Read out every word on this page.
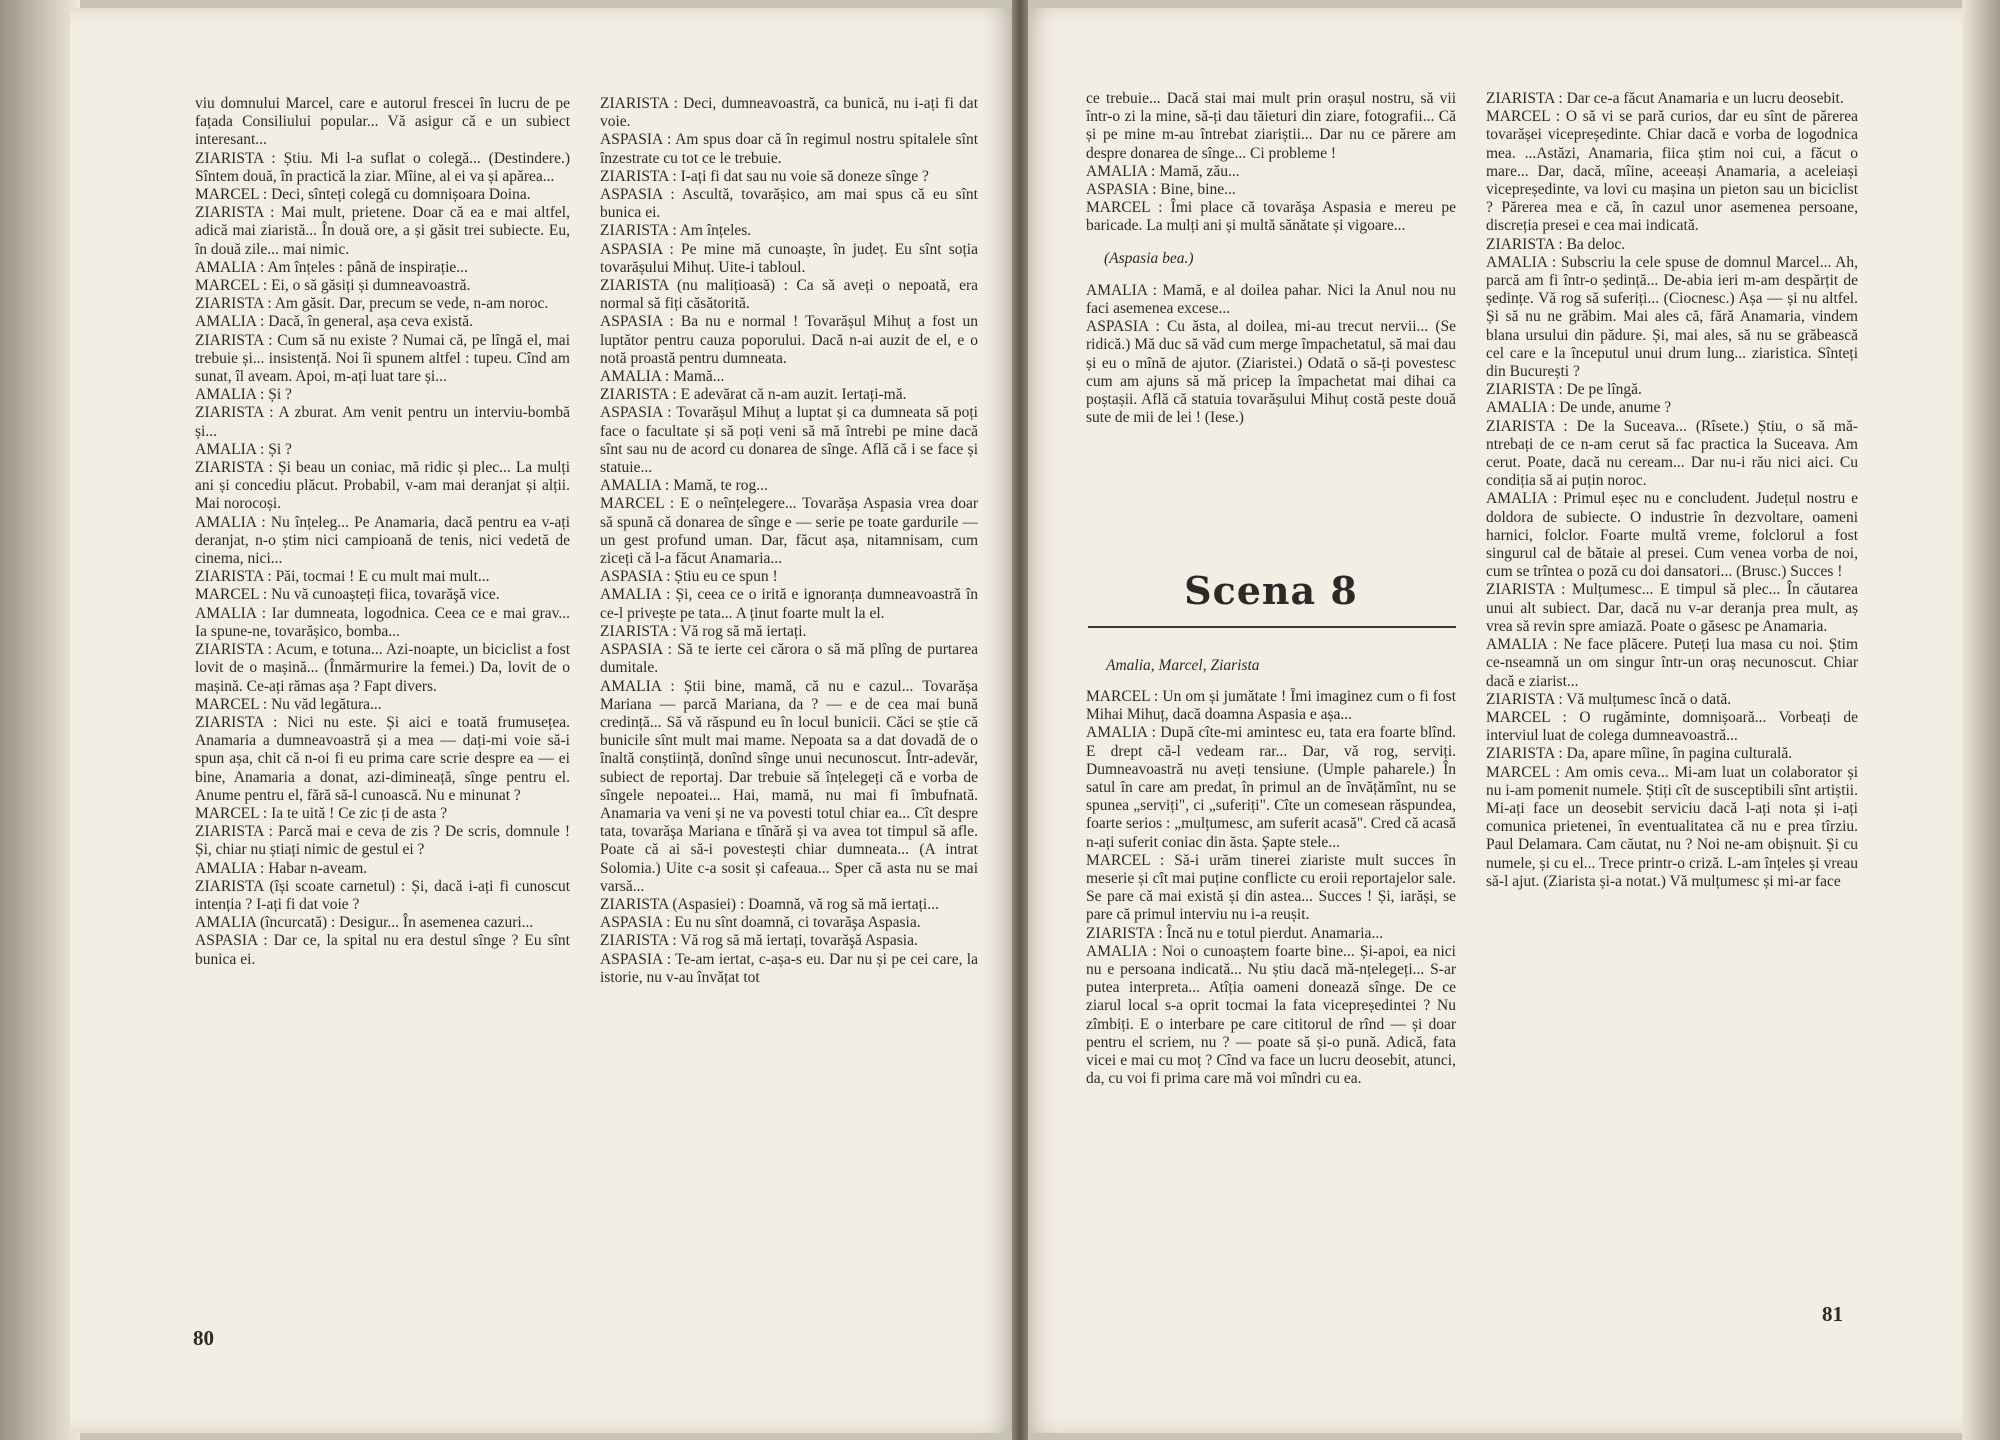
viu domnului Marcel, care e autorul frescei în lucru de pe fațada Consiliului popular... Vă asigur că e un subiect interesant...

ZIARISTA : Știu. Mi l-a suflat o colegă... (Destindere.) Sîntem două, în practică la ziar. Mîine, al ei va și apărea...

MARCEL : Deci, sînteți colegă cu domnișoara Doina.

ZIARISTA : Mai mult, prietene. Doar că ea e mai altfel, adică mai ziaristă... În două ore, a și găsit trei subiecte. Eu, în două zile... mai nimic.

AMALIA : Am înțeles : până de inspirație...

MARCEL : Ei, o să găsiți și dumneavoastră.

ZIARISTA : Am găsit. Dar, precum se vede, n-am noroc.

AMALIA : Dacă, în general, așa ceva există.

ZIARISTA : Cum să nu existe ? Numai că, pe lîngă el, mai trebuie și... insistență. Noi îi spunem altfel : tupeu. Cînd am sunat, îl aveam. Apoi, m-ați luat tare și...

AMALIA : Și ?

ZIARISTA : A zburat. Am venit pentru un interviu-bombă și...

AMALIA : Și ?

ZIARISTA : Și beau un coniac, mă ridic și plec... La mulți ani și concediu plăcut. Probabil, v-am mai deranjat și alții. Mai norocoși.

AMALIA : Nu înțeleg... Pe Anamaria, dacă pentru ea v-ați deranjat, n-o știm nici campioană de tenis, nici vedetă de cinema, nici...

ZIARISTA : Păi, tocmai ! E cu mult mai mult...

MARCEL : Nu vă cunoașteți fiica, tovarăşă vice.

AMALIA : Iar dumneata, logodnica. Ceea ce e mai grav... Ia spune-ne, tovarășico, bomba...

ZIARISTA : Acum, e totuna... Azi-noapte, un biciclist a fost lovit de o mașină... (Înmărmurire la femei.) Da, lovit de o mașină. Ce-ați rămas așa ? Fapt divers.

MARCEL : Nu văd legătura...

ZIARISTA : Nici nu este. Și aici e toată frumusețea. Anamaria a dumneavoastră și a mea — dați-mi voie să-i spun așa, chit că n-oi fi eu prima care scrie despre ea — ei bine, Anamaria a donat, azi-dimineață, sînge pentru el. Anume pentru el, fără să-l cunoască. Nu e minunat ?

MARCEL : Ia te uită ! Ce zic ți de asta ?

ZIARISTA : Parcă mai e ceva de zis ? De scris, domnule ! Și, chiar nu știați nimic de gestul ei ?

AMALIA : Habar n-aveam.

ZIARISTA (își scoate carnetul) : Și, dacă i-ați fi cunoscut intenția ? I-ați fi dat voie ?

AMALIA (încurcată) : Desigur... În asemenea cazuri...

ASPASIA : Dar ce, la spital nu era destul sînge ? Eu sînt bunica ei.

ZIARISTA : Deci, dumneavoastră, ca bunică, nu i-ați fi dat voie.

ASPASIA : Am spus doar că în regimul nostru spitalele sînt înzestrate cu tot ce le trebuie.

ZIARISTA : I-ați fi dat sau nu voie să doneze sînge ?

ASPASIA : Ascultă, tovarășico, am mai spus că eu sînt bunica ei.

ZIARISTA : Am înțeles.

ASPASIA : Pe mine mă cunoaște, în județ. Eu sînt soția tovarășului Mihuț. Uite-i tabloul.

ZIARISTA (nu malițioasă) : Ca să aveți o nepoată, era normal să fiți căsătorită.

ASPASIA : Ba nu e normal ! Tovarășul Mihuț a fost un luptător pentru cauza poporului. Dacă n-ai auzit de el, e o notă proastă pentru dumneata.

AMALIA : Mamă...

ZIARISTA : E adevărat că n-am auzit. Iertați-mă.

ASPASIA : Tovarășul Mihuț a luptat și ca dumneata să poți face o facultate și să poți veni să mă întrebi pe mine dacă sînt sau nu de acord cu donarea de sînge. Află că i se face și statuie...

AMALIA : Mamă, te rog...

MARCEL : E o neînțelegere... Tovarășa Aspasia vrea doar să spună că donarea de sînge e — serie pe toate gardurile — un gest profund uman. Dar, făcut așa, nitamnisam, cum ziceți că l-a făcut Anamaria...

ASPASIA : Știu eu ce spun !

AMALIA : Și, ceea ce o irită e ignoranța dumneavoastră în ce-l privește pe tata... A ținut foarte mult la el.

ZIARISTA : Vă rog să mă iertați.

ASPASIA : Să te ierte cei cărora o să mă plîng de purtarea dumitale.

AMALIA : Știi bine, mamă, că nu e cazul... Tovarășa Mariana — parcă Mariana, da ? — e de cea mai bună credință... Să vă răspund eu în locul bunicii. Căci se știe că bunicile sînt mult mai mame. Nepoata sa a dat dovadă de o înaltă conștiință, donînd sînge unui necunoscut. Într-adevăr, subiect de reportaj. Dar trebuie să înțelegeți că e vorba de sîngele nepoatei... Hai, mamă, nu mai fi îmbufnată. Anamaria va veni și ne va povesti totul chiar ea... Cît despre tata, tovarăşa Mariana e tînără și va avea tot timpul să afle. Poate că ai să-i povestești chiar dumneata... (A intrat Solomia.) Uite c-a sosit și cafeaua... Sper că asta nu se mai varsă...

ZIARISTA (Aspasiei) : Doamnă, vă rog să mă iertați...

ASPASIA : Eu nu sînt doamnă, ci tovarăşa Aspasia.

ZIARISTA : Vă rog să mă iertați, tovarăşă Aspasia.

ASPASIA : Te-am iertat, c-așa-s eu. Dar nu și pe cei care, la istorie, nu v-au învățat tot

ce trebuie... Dacă stai mai mult prin orașul nostru, să vii într-o zi la mine, să-ți dau tăieturi din ziare, fotografii... Că și pe mine m-au întrebat ziariștii... Dar nu ce părere am despre donarea de sînge... Ci probleme !

AMALIA : Mamă, zău...

ASPASIA : Bine, bine...

MARCEL : Îmi place că tovarăşa Aspasia e mereu pe baricade. La mulți ani și multă sănătate și vigoare...

(Aspasia bea.)

AMALIA : Mamă, e al doilea pahar. Nici la Anul nou nu faci asemenea excese...

ASPASIA : Cu ăsta, al doilea, mi-au trecut nervii... (Se ridică.) Mă duc să văd cum merge împachetatul, să mai dau și eu o mînă de ajutor. (Ziaristei.) Odată o să-ți povestesc cum am ajuns să mă pricep la împachetat mai dihai ca poștașii. Află că statuia tovarășului Mihuț costă peste două sute de mii de lei ! (Iese.)

Scena 8
Amalia, Marcel, Ziarista

MARCEL : Un om și jumătate ! Îmi imaginez cum o fi fost Mihai Mihuț, dacă doamna Aspasia e așa...

AMALIA : După cîte-mi amintesc eu, tata era foarte blînd. E drept că-l vedeam rar... Dar, vă rog, serviți. Dumneavoastră nu aveți tensiune. (Umple paharele.) În satul în care am predat, în primul an de învățămînt, nu se spunea „serviți", ci „suferiți". Cîte un comesean răspundea, foarte serios : „mulțumesc, am suferit acasă". Cred că acasă n-ați suferit coniac din ăsta. Șapte stele...

MARCEL : Să-i urăm tinerei ziariste mult succes în meserie și cît mai puține conflicte cu eroii reportajelor sale. Se pare că mai există și din astea... Succes ! Și, iarăși, se pare că primul interviu nu i-a reușit.

ZIARISTA : Încă nu e totul pierdut. Anamaria...

AMALIA : Noi o cunoaștem foarte bine... Și-apoi, ea nici nu e persoana indicată... Nu știu dacă mă-nțelegeți... S-ar putea interpreta... Atîția oameni donează sînge. De ce ziarul local s-a oprit tocmai la fata vicepreședintei ? Nu zîmbiți. E o interbare pe care cititorul de rînd — și doar pentru el scriem, nu ? — poate să și-o pună. Adică, fata vicei e mai cu moț ? Cînd va face un lucru deosebit, atunci, da, cu voi fi prima care mă voi mîndri cu ea.

ZIARISTA : Dar ce-a făcut Anamaria e un lucru deosebit.

MARCEL : O să vi se pară curios, dar eu sînt de părerea tovarășei vicepreședinte. Chiar dacă e vorba de logodnica mea. ...Astăzi, Anamaria, fiica știm noi cui, a făcut o mare... Dar, dacă, mîine, aceeași Anamaria, a aceleiași vicepreședinte, va lovi cu mașina un pieton sau un biciclist ? Părerea mea e că, în cazul unor asemenea persoane, discreția presei e cea mai indicată.

ZIARISTA : Ba deloc.

AMALIA : Subscriu la cele spuse de domnul Marcel... Ah, parcă am fi într-o ședință... De-abia ieri m-am despărțit de ședințe. Vă rog să suferiți... (Ciocnesc.) Așa — și nu altfel. Și să nu ne grăbim. Mai ales că, fără Anamaria, vindem blana ursului din pădure. Și, mai ales, să nu se grăbească cel care e la începutul unui drum lung... ziaristica. Sînteți din București ?

ZIARISTA : De pe lîngă.

AMALIA : De unde, anume ?

ZIARISTA : De la Suceava... (Rîsete.) Știu, o să mă-ntrebați de ce n-am cerut să fac practica la Suceava. Am cerut. Poate, dacă nu ceream... Dar nu-i rău nici aici. Cu condiția să ai puțin noroc.

AMALIA : Primul eșec nu e concludent. Județul nostru e doldora de subiecte. O industrie în dezvoltare, oameni harnici, folclor. Foarte multă vreme, folclorul a fost singurul cal de bătaie al presei. Cum venea vorba de noi, cum se trîntea o poză cu doi dansatori... (Brusc.) Succes !

ZIARISTA : Mulțumesc... E timpul să plec... În căutarea unui alt subiect. Dar, dacă nu v-ar deranja prea mult, aș vrea să revin spre amiază. Poate o găsesc pe Anamaria.

AMALIA : Ne face plăcere. Puteți lua masa cu noi. Știm ce-nseamnă un om singur într-un oraș necunoscut. Chiar dacă e ziarist...

ZIARISTA : Vă mulțumesc încă o dată.

MARCEL : O rugăminte, domnișoară... Vorbeați de interviul luat de colega dumneavoastră...

ZIARISTA : Da, apare mîine, în pagina culturală.

MARCEL : Am omis ceva... Mi-am luat un colaborator și nu i-am pomenit numele. Știți cît de susceptibili sînt artiștii. Mi-ați face un deosebit serviciu dacă l-ați nota și i-ați comunica prietenei, în eventualitatea că nu e prea tîrziu. Paul Delamara. Cam căutat, nu ? Noi ne-am obișnuit. Și cu numele, și cu el... Trece printr-o criză. L-am înțeles și vreau să-l ajut. (Ziarista și-a notat.) Vă mulțumesc și mi-ar face

80
81
